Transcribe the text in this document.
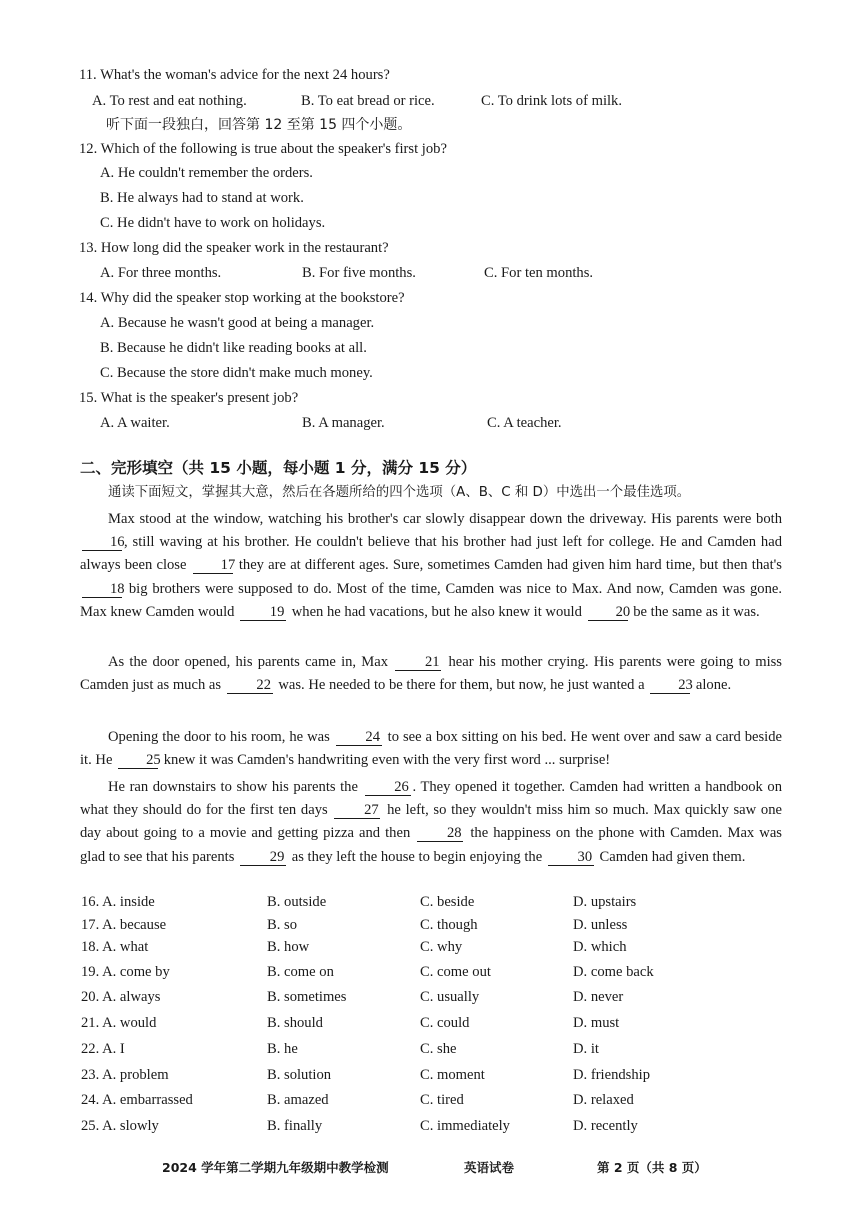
11. What's the woman's advice for the next 24 hours?
A. To rest and eat nothing.	B. To eat bread or rice.	C. To drink lots of milk.
听下面一段独白，回答第 12 至第 15 四个小题。
12. Which of the following is true about the speaker's first job?
A. He couldn't remember the orders.
B. He always had to stand at work.
C. He didn't have to work on holidays.
13. How long did the speaker work in the restaurant?
A. For three months.	B. For five months.	C. For ten months.
14. Why did the speaker stop working at the bookstore?
A. Because he wasn't good at being a manager.
B. Because he didn't like reading books at all.
C. Because the store didn't make much money.
15. What is the speaker's present job?
A. A waiter.	B. A manager.	C. A teacher.
二、完形填空（共 15 小题，每小题 1 分，满分 15 分）
通读下面短文，掌握其大意，然后在各题所给的四个选项（A、B、C 和 D）中选出一个最佳选项。
Max stood at the window, watching his brother's car slowly disappear down the driveway. His parents were both 16, still waving at his brother. He couldn't believe that his brother had just left for college. He and Camden had always been close 17 they are at different ages. Sure, sometimes Camden had given him hard time, but then that's 18 big brothers were supposed to do. Most of the time, Camden was nice to Max. And now, Camden was gone. Max knew Camden would 19 when he had vacations, but he also knew it would 20 be the same as it was.
As the door opened, his parents came in, Max 21 hear his mother crying. His parents were going to miss Camden just as much as 22 was. He needed to be there for them, but now, he just wanted a 23 alone.
Opening the door to his room, he was 24 to see a box sitting on his bed. He went over and saw a card beside it. He 25 knew it was Camden's handwriting even with the very first word ... surprise!
He ran downstairs to show his parents the 26 . They opened it together. Camden had written a handbook on what they should do for the first ten days 27 he left, so they wouldn't miss him so much. Max quickly saw one day about going to a movie and getting pizza and then 28 the happiness on the phone with Camden. Max was glad to see that his parents 29 as they left the house to begin enjoying the 30 Camden had given them.
16. A. inside	B. outside	C. beside	D. upstairs
17. A. because	B. so	C. though	D. unless
18. A. what	B. how	C. why	D. which
19. A. come by	B. come on	C. come out	D. come back
20. A. always	B. sometimes	C. usually	D. never
21. A. would	B. should	C. could	D. must
22. A. I	B. he	C. she	D. it
23. A. problem	B. solution	C. moment	D. friendship
24. A. embarrassed	B. amazed	C. tired	D. relaxed
25. A. slowly	B. finally	C. immediately	D. recently
2024 学年第二学期九年级期中教学检测	英语试卷	第 2 页（共 8 页）
